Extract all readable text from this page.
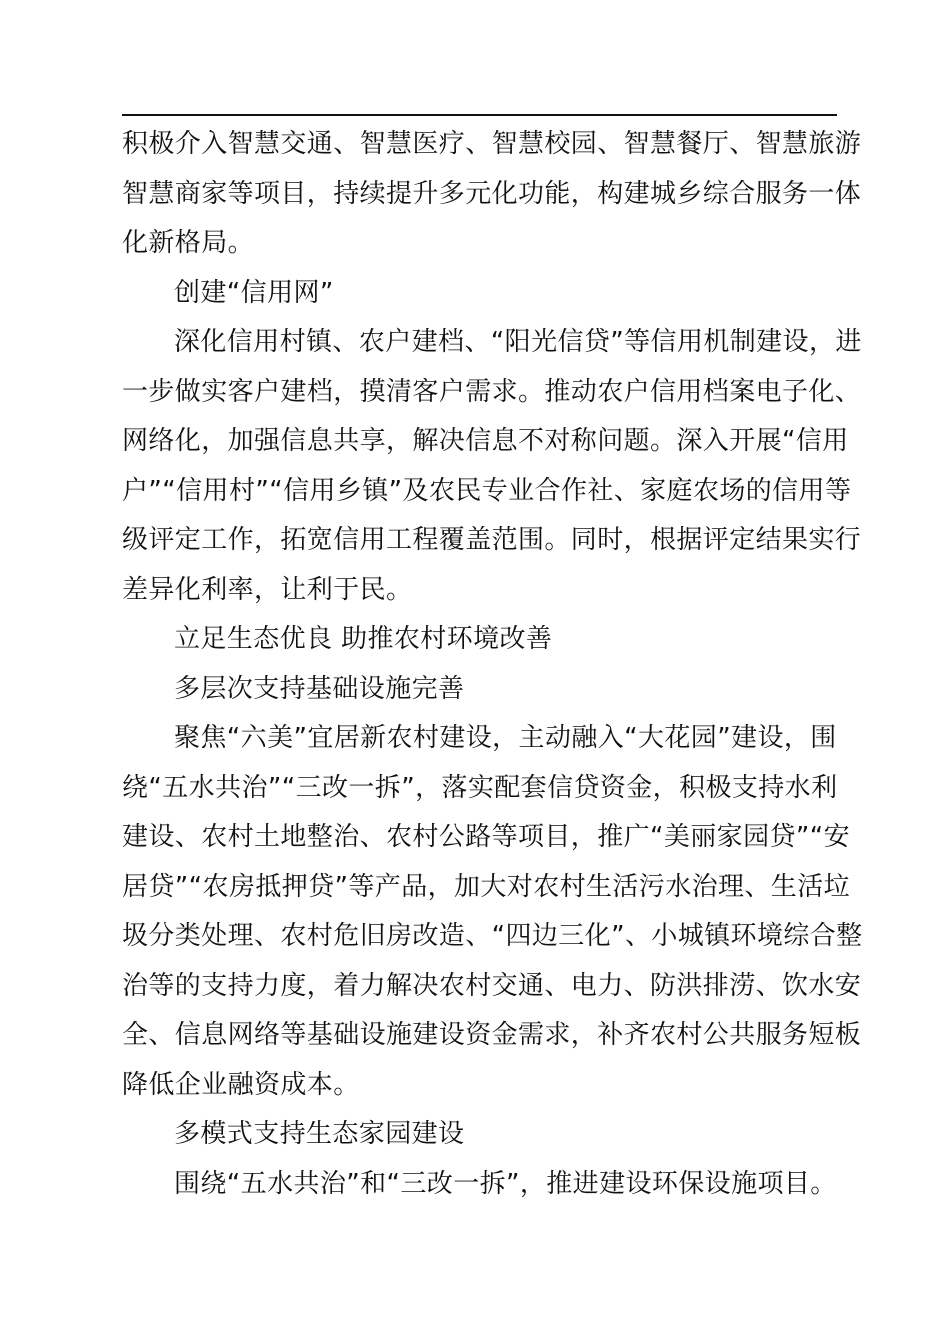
积极介入智慧交通、智慧医疗、智慧校园、智慧餐厅、智慧旅游
智慧商家等项目，持续提升多元化功能，构建城乡综合服务一体
化新格局。
创建“信用网”
深化信用村镇、农户建档、“阳光信贷”等信用机制建设，进
一步做实客户建档，摸清客户需求。推动农户信用档案电子化、
网络化，加强信息共享，解决信息不对称问题。深入开展“信用
户”“信用村”“信用乡镇”及农民专业合作社、家庭农场的信用等
级评定工作，拓宽信用工程覆盖范围。同时，根据评定结果实行
差异化利率，让利于民。
立足生态优良 助推农村环境改善
多层次支持基础设施完善
聚焦“六美”宜居新农村建设，主动融入“大花园”建设，围
绕“五水共治”“三改一拆”，落实配套信贷资金，积极支持水利
建设、农村土地整治、农村公路等项目，推广“美丽家园贷”“安
居贷”“农房抵押贷”等产品，加大对农村生活污水治理、生活垃
圾分类处理、农村危旧房改造、“四边三化”、小城镇环境综合整
治等的支持力度，着力解决农村交通、电力、防洪排涝、饮水安
全、信息网络等基础设施建设资金需求，补齐农村公共服务短板
降低企业融资成本。
多模式支持生态家园建设
围绕“五水共治”和“三改一拆”，推进建设环保设施项目。
